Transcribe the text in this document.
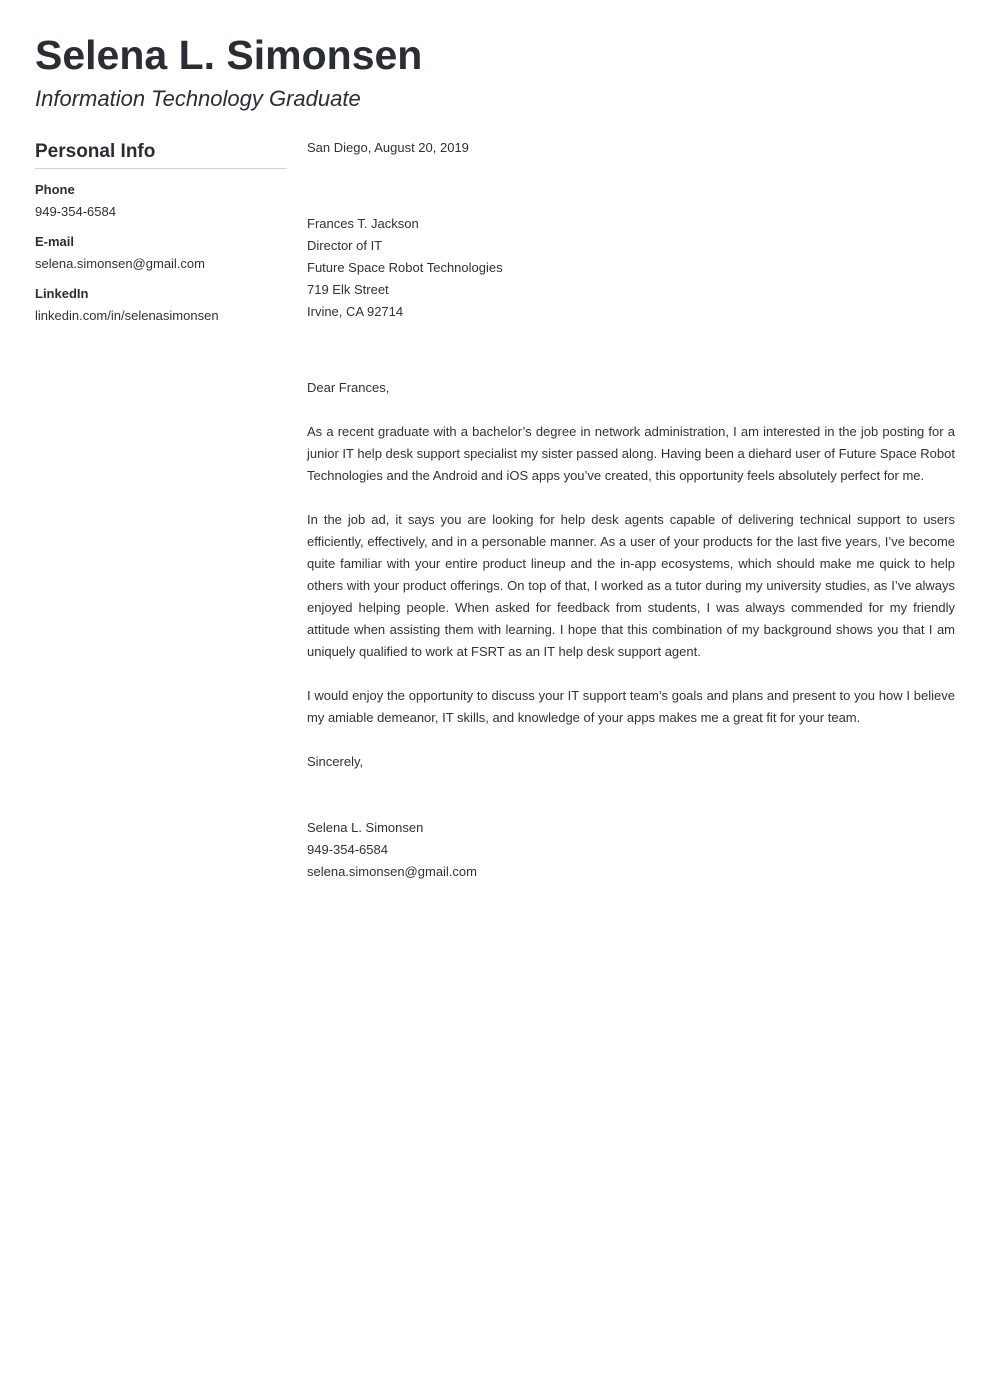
Selena L. Simonsen
Information Technology Graduate
Personal Info
Phone
949-354-6584
E-mail
selena.simonsen@gmail.com
LinkedIn
linkedin.com/in/selenasimonsen
San Diego, August 20, 2019
Frances T. Jackson
Director of IT
Future Space Robot Technologies
719 Elk Street
Irvine, CA 92714
Dear Frances,

As a recent graduate with a bachelor’s degree in network administration, I am interested in the job posting for a junior IT help desk support specialist my sister passed along. Having been a diehard user of Future Space Robot Technologies and the Android and iOS apps you’ve created, this opportunity feels absolutely perfect for me.

In the job ad, it says you are looking for help desk agents capable of delivering technical support to users efficiently, effectively, and in a personable manner. As a user of your products for the last five years, I’ve become quite familiar with your entire product lineup and the in-app ecosystems, which should make me quick to help others with your product offerings. On top of that, I worked as a tutor during my university studies, as I’ve always enjoyed helping people. When asked for feedback from students, I was always commended for my friendly attitude when assisting them with learning. I hope that this combination of my background shows you that I am uniquely qualified to work at FSRT as an IT help desk support agent.

I would enjoy the opportunity to discuss your IT support team’s goals and plans and present to you how I believe my amiable demeanor, IT skills, and knowledge of your apps makes me a great fit for your team.

Sincerely,
Selena L. Simonsen
949-354-6584
selena.simonsen@gmail.com
